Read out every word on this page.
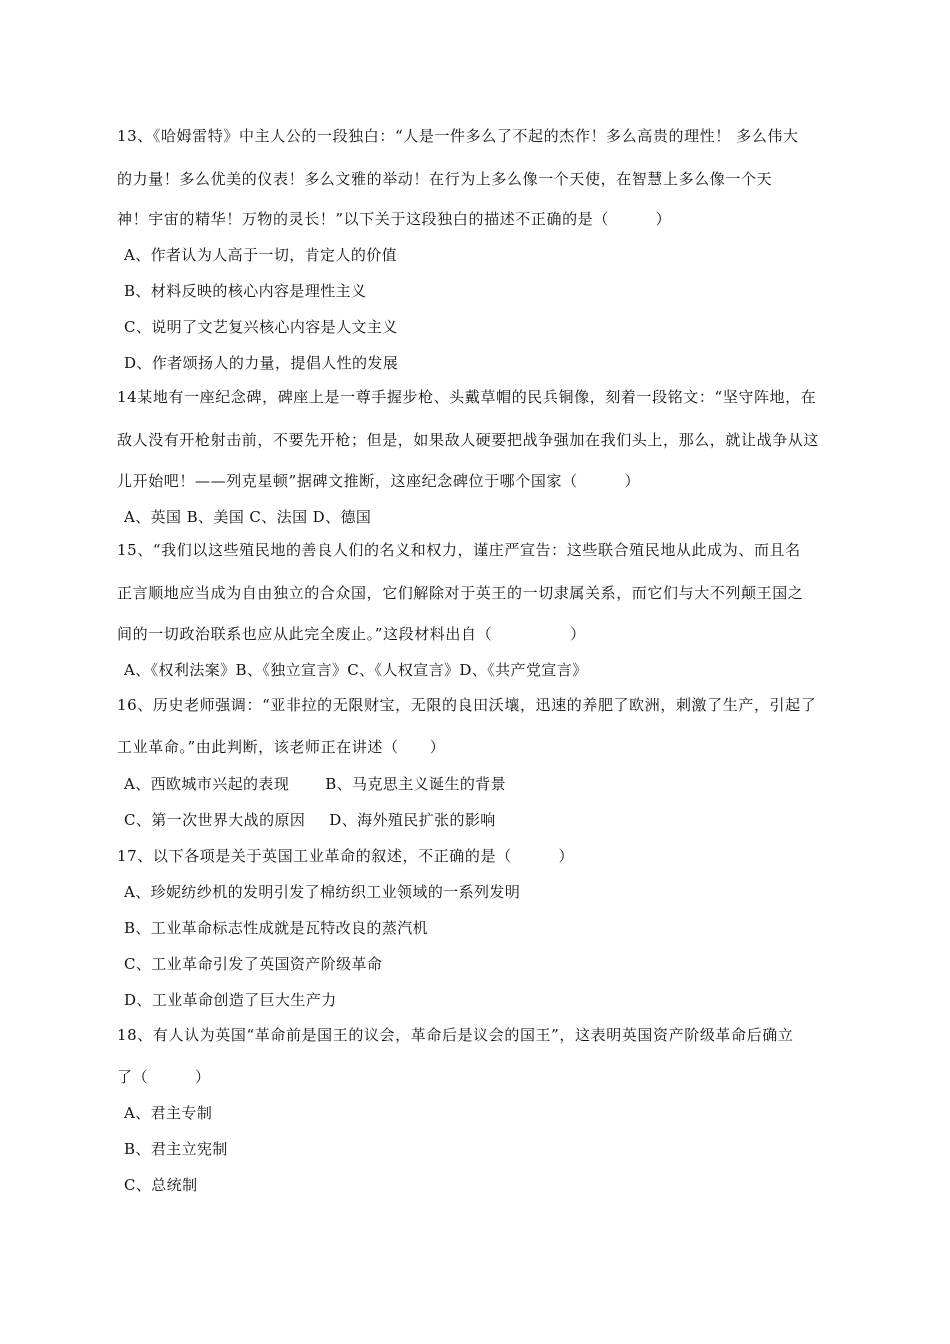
13、《哈姆雷特》中主人公的一段独白：“人是一件多么了不起的杰作！多么高贵的理性！ 多么伟大
的力量！多么优美的仪表！多么文雅的举动！在行为上多么像一个天使，在智慧上多么像一个天
神！宇宙的精华！万物的灵长！”以下关于这段独白的描述不正确的是（　　　）
A、作者认为人高于一切，肯定人的价值
B、材料反映的核心内容是理性主义
C、说明了文艺复兴核心内容是人文主义
D、作者颂扬人的力量，提倡人性的发展
14某地有一座纪念碑，碑座上是一尊手握步枪、头戴草帽的民兵铜像，刻着一段铭文：“坚守阵地，在
敌人没有开枪射击前，不要先开枪；但是，如果敌人硬要把战争强加在我们头上，那么，就让战争从这
儿开始吧！——列克星顿”据碑文推断，这座纪念碑位于哪个国家（　　　）
A、英国 B、美国 C、法国 D、德国
15、“我们以这些殖民地的善良人们的名义和权力，谨庄严宣告：这些联合殖民地从此成为、而且名
正言顺地应当成为自由独立的合众国，它们解除对于英王的一切隶属关系，而它们与大不列颠王国之
间的一切政治联系也应从此完全废止。”这段材料出自（　　　　　）
A、《权利法案》B、《独立宣言》C、《人权宣言》D、《共产党宣言》
16、历史老师强调：“亚非拉的无限财宝，无限的良田沃壤，迅速的养肥了欧洲，刺激了生产，引起了
工业革命。”由此判断，该老师正在讲述（　　）
A、西欧城市兴起的表现 B、马克思主义诞生的背景
C、第一次世界大战的原因 D、海外殖民扩张的影响
17、以下各项是关于英国工业革命的叙述，不正确的是（　　　）
A、珍妮纺纱机的发明引发了棉纺织工业领域的一系列发明
B、工业革命标志性成就是瓦特改良的蒸汽机
C、工业革命引发了英国资产阶级革命
D、工业革命创造了巨大生产力
18、有人认为英国“革命前是国王的议会，革命后是议会的国王”，这表明英国资产阶级革命后确立
了（　　　）
A、君主专制
B、君主立宪制
C、总统制
